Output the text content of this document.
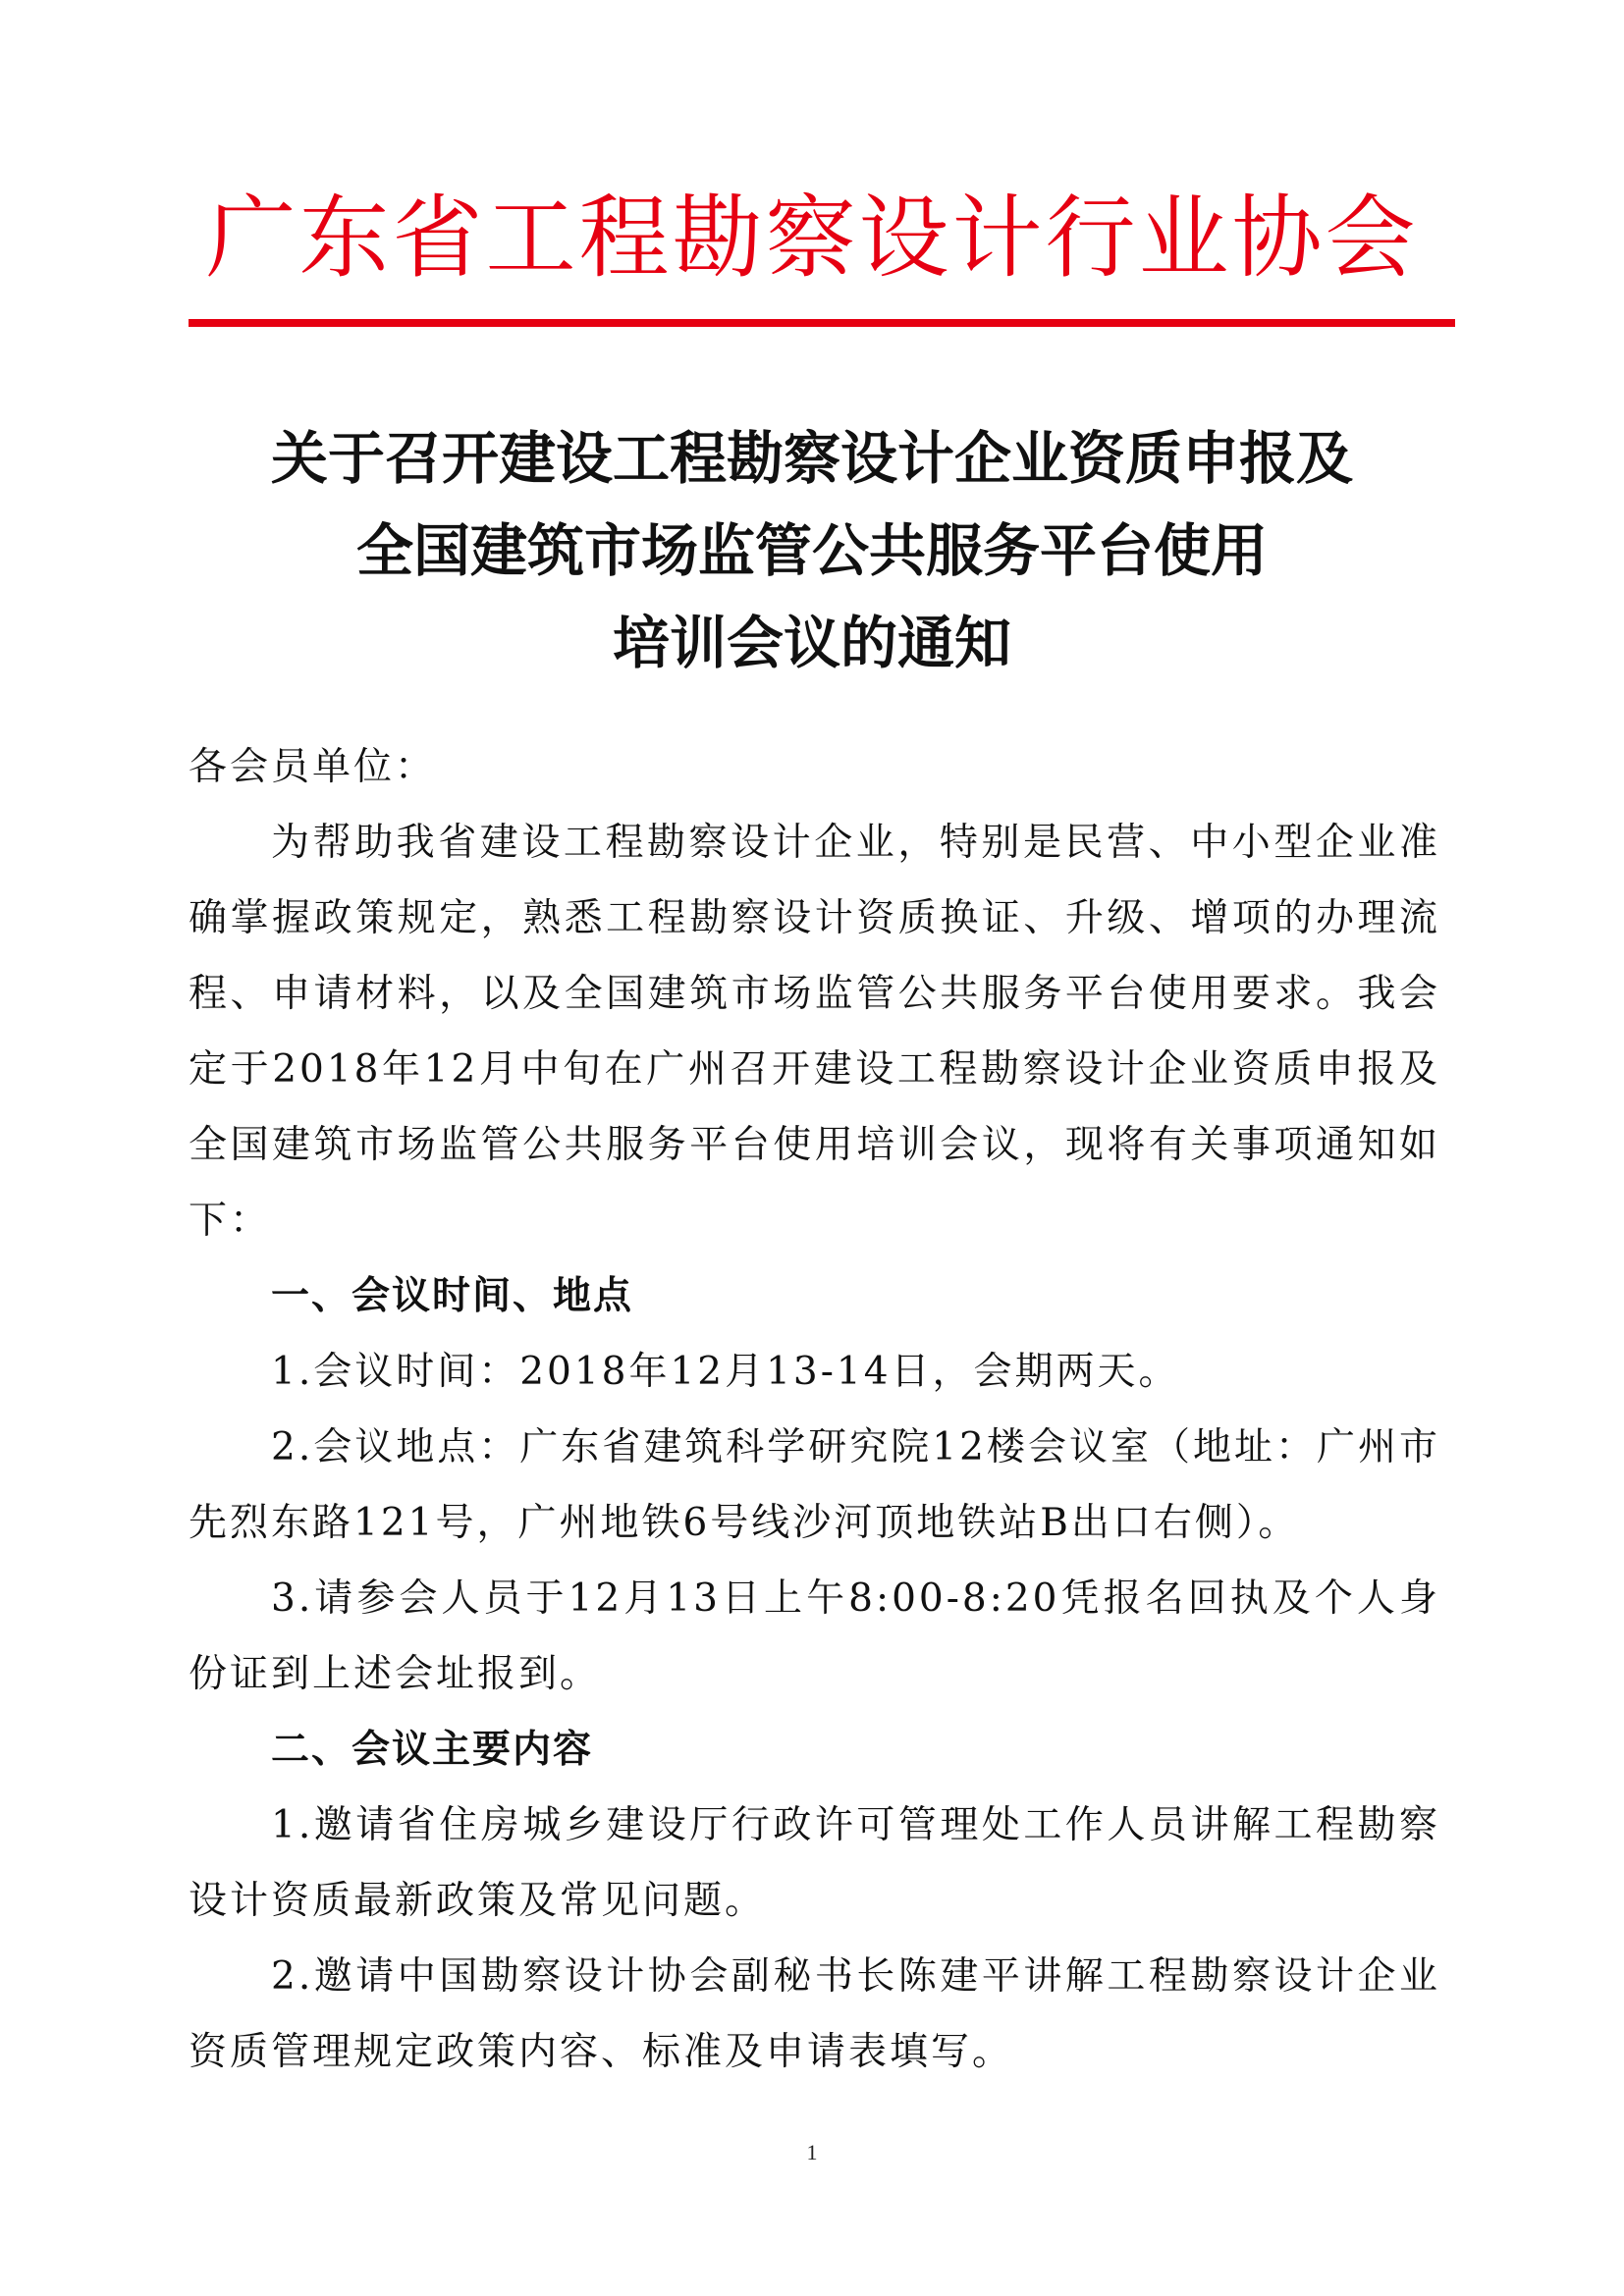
广东省工程勘察设计行业协会
关于召开建设工程勘察设计企业资质申报及
全国建筑市场监管公共服务平台使用
培训会议的通知

各会员单位：

为帮助我省建设工程勘察设计企业，特别是民营、中小型企业准确掌握政策规定，熟悉工程勘察设计资质换证、升级、增项的办理流程、申请材料，以及全国建筑市场监管公共服务平台使用要求。我会定于2018年12月中旬在广州召开建设工程勘察设计企业资质申报及全国建筑市场监管公共服务平台使用培训会议，现将有关事项通知如下：

一、会议时间、地点

1.会议时间：2018年12月13-14日，会期两天。

2.会议地点：广东省建筑科学研究院12楼会议室（地址：广州市先烈东路121号，广州地铁6号线沙河顶地铁站B出口右侧）。

3.请参会人员于12月13日上午8:00-8:20凭报名回执及个人身份证到上述会址报到。

二、会议主要内容

1.邀请省住房城乡建设厅行政许可管理处工作人员讲解工程勘察设计资质最新政策及常见问题。

2.邀请中国勘察设计协会副秘书长陈建平讲解工程勘察设计企业资质管理规定政策内容、标准及申请表填写。

1
